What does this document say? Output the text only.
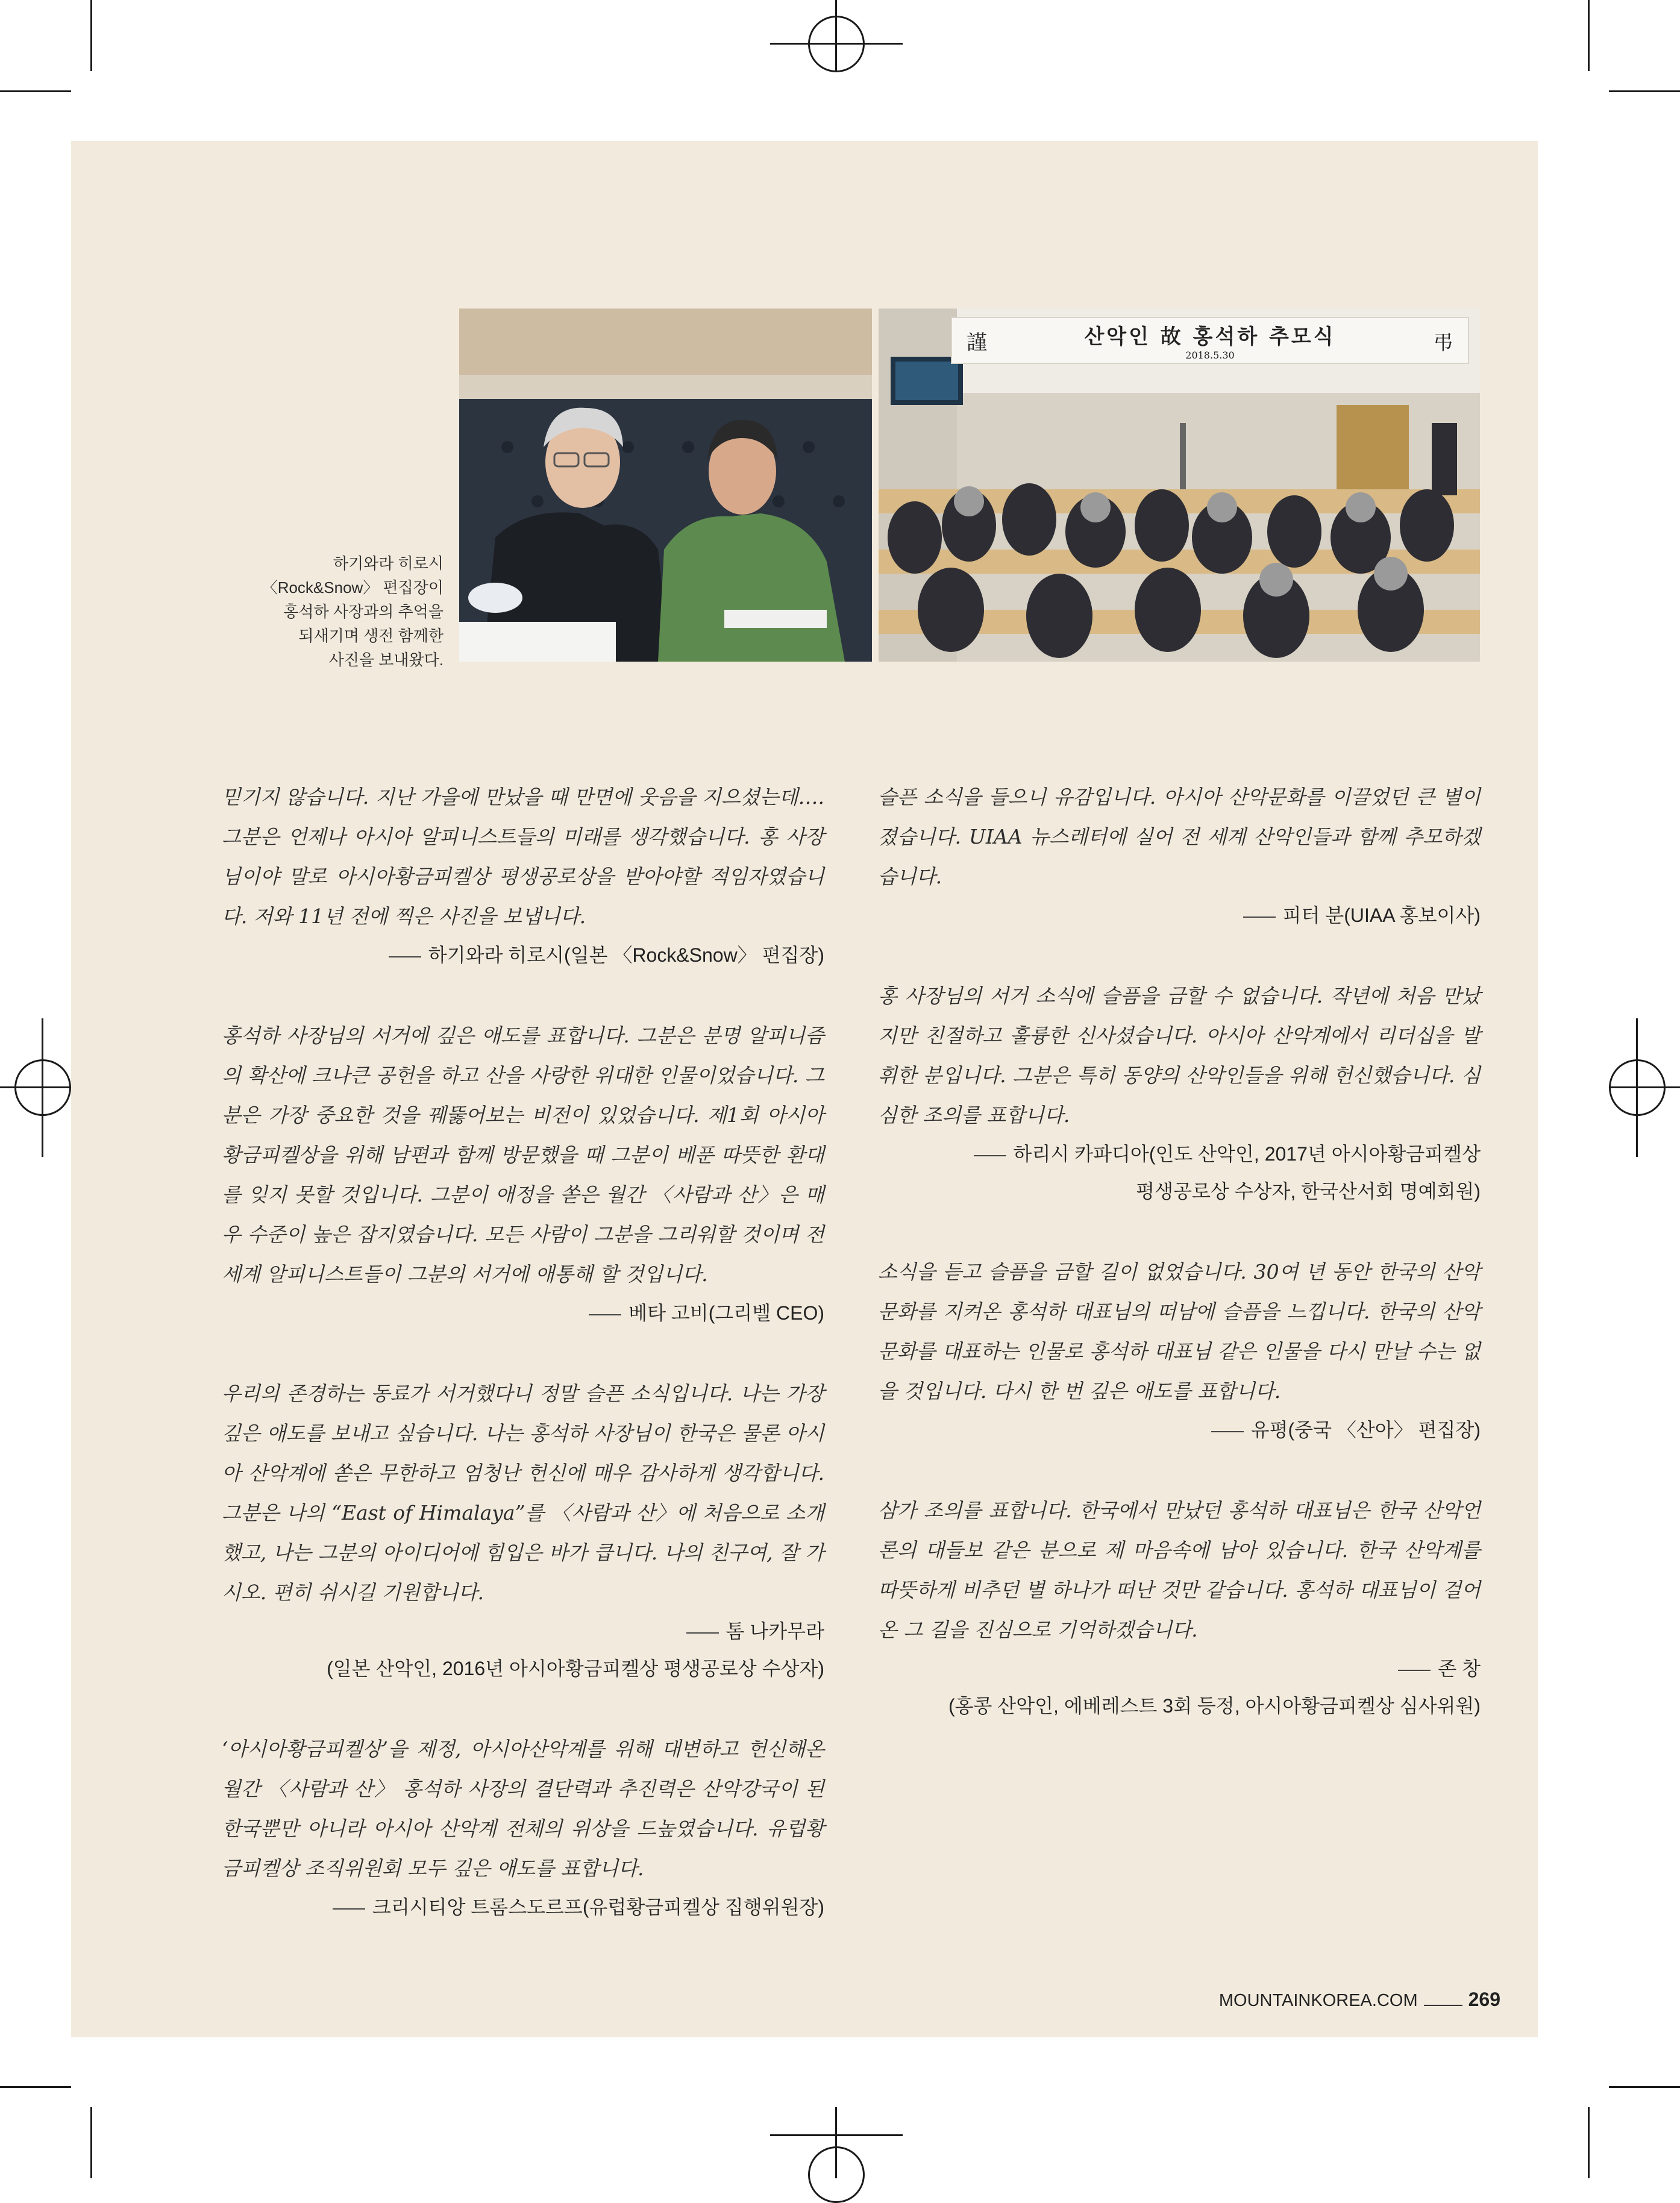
謹	산악인 故 홍석하 추모식
2018.5.30
弔

하기와라 히로시
〈Rock&Snow〉 편집장이
홍석하 사장과의 추억을
되새기며 생전 함께한
사진을 보내왔다.

믿기지 않습니다. 지난 가을에 만났을 때 만면에 웃음을 지으셨는데…. 그분은 언제나 아시아 알피니스트들의 미래를 생각했습니다. 홍 사장님이야 말로 아시아황금피켈상 평생공로상을 받아야할 적임자였습니다. 저와 11년 전에 찍은 사진을 보냅니다.

하기와라 히로시(일본 〈Rock&Snow〉 편집장)

홍석하 사장님의 서거에 깊은 애도를 표합니다. 그분은 분명 알피니즘의 확산에 크나큰 공헌을 하고 산을 사랑한 위대한 인물이었습니다. 그분은 가장 중요한 것을 꿰뚫어보는 비전이 있었습니다. 제1회 아시아황금피켈상을 위해 남편과 함께 방문했을 때 그분이 베푼 따뜻한 환대를 잊지 못할 것입니다. 그분이 애정을 쏟은 월간 〈사람과 산〉은 매우 수준이 높은 잡지였습니다. 모든 사람이 그분을 그리워할 것이며 전 세계 알피니스트들이 그분의 서거에 애통해 할 것입니다.

베타 고비(그리벨 CEO)

우리의 존경하는 동료가 서거했다니 정말 슬픈 소식입니다. 나는 가장 깊은 애도를 보내고 싶습니다. 나는 홍석하 사장님이 한국은 물론 아시아 산악계에 쏟은 무한하고 엄청난 헌신에 매우 감사하게 생각합니다. 그분은 나의 “East of Himalaya”를 〈사람과 산〉에 처음으로 소개했고, 나는 그분의 아이디어에 힘입은 바가 큽니다. 나의 친구여, 잘 가시오. 편히 쉬시길 기원합니다.

톰 나카무라

(일본 산악인, 2016년 아시아황금피켈상 평생공로상 수상자)

‘아시아황금피켈상’을 제정, 아시아산악계를 위해 대변하고 헌신해온 월간 〈사람과 산〉 홍석하 사장의 결단력과 추진력은 산악강국이 된 한국뿐만 아니라 아시아 산악계 전체의 위상을 드높였습니다. 유럽황금피켈상 조직위원회 모두 깊은 애도를 표합니다.

크리시티앙 트롬스도르프(유럽황금피켈상 집행위원장)

슬픈 소식을 들으니 유감입니다. 아시아 산악문화를 이끌었던 큰 별이 졌습니다. UIAA 뉴스레터에 실어 전 세계 산악인들과 함께 추모하겠습니다.

피터 분(UIAA 홍보이사)

홍 사장님의 서거 소식에 슬픔을 금할 수 없습니다. 작년에 처음 만났지만 친절하고 훌륭한 신사셨습니다. 아시아 산악계에서 리더십을 발휘한 분입니다. 그분은 특히 동양의 산악인들을 위해 헌신했습니다. 심심한 조의를 표합니다.

하리시 카파디아(인도 산악인, 2017년 아시아황금피켈상

평생공로상 수상자, 한국산서회 명예회원)

소식을 듣고 슬픔을 금할 길이 없었습니다. 30여 년 동안 한국의 산악문화를 지켜온 홍석하 대표님의 떠남에 슬픔을 느낍니다. 한국의 산악문화를 대표하는 인물로 홍석하 대표님 같은 인물을 다시 만날 수는 없을 것입니다. 다시 한 번 깊은 애도를 표합니다.

유평(중국 〈산아〉 편집장)

삼가 조의를 표합니다. 한국에서 만났던 홍석하 대표님은 한국 산악언론의 대들보 같은 분으로 제 마음속에 남아 있습니다. 한국 산악계를 따뜻하게 비추던 별 하나가 떠난 것만 같습니다. 홍석하 대표님이 걸어온 그 길을 진심으로 기억하겠습니다.

존 창

(홍콩 산악인, 에베레스트 3회 등정, 아시아황금피켈상 심사위원)

MOUNTAINKOREA.COM	269
